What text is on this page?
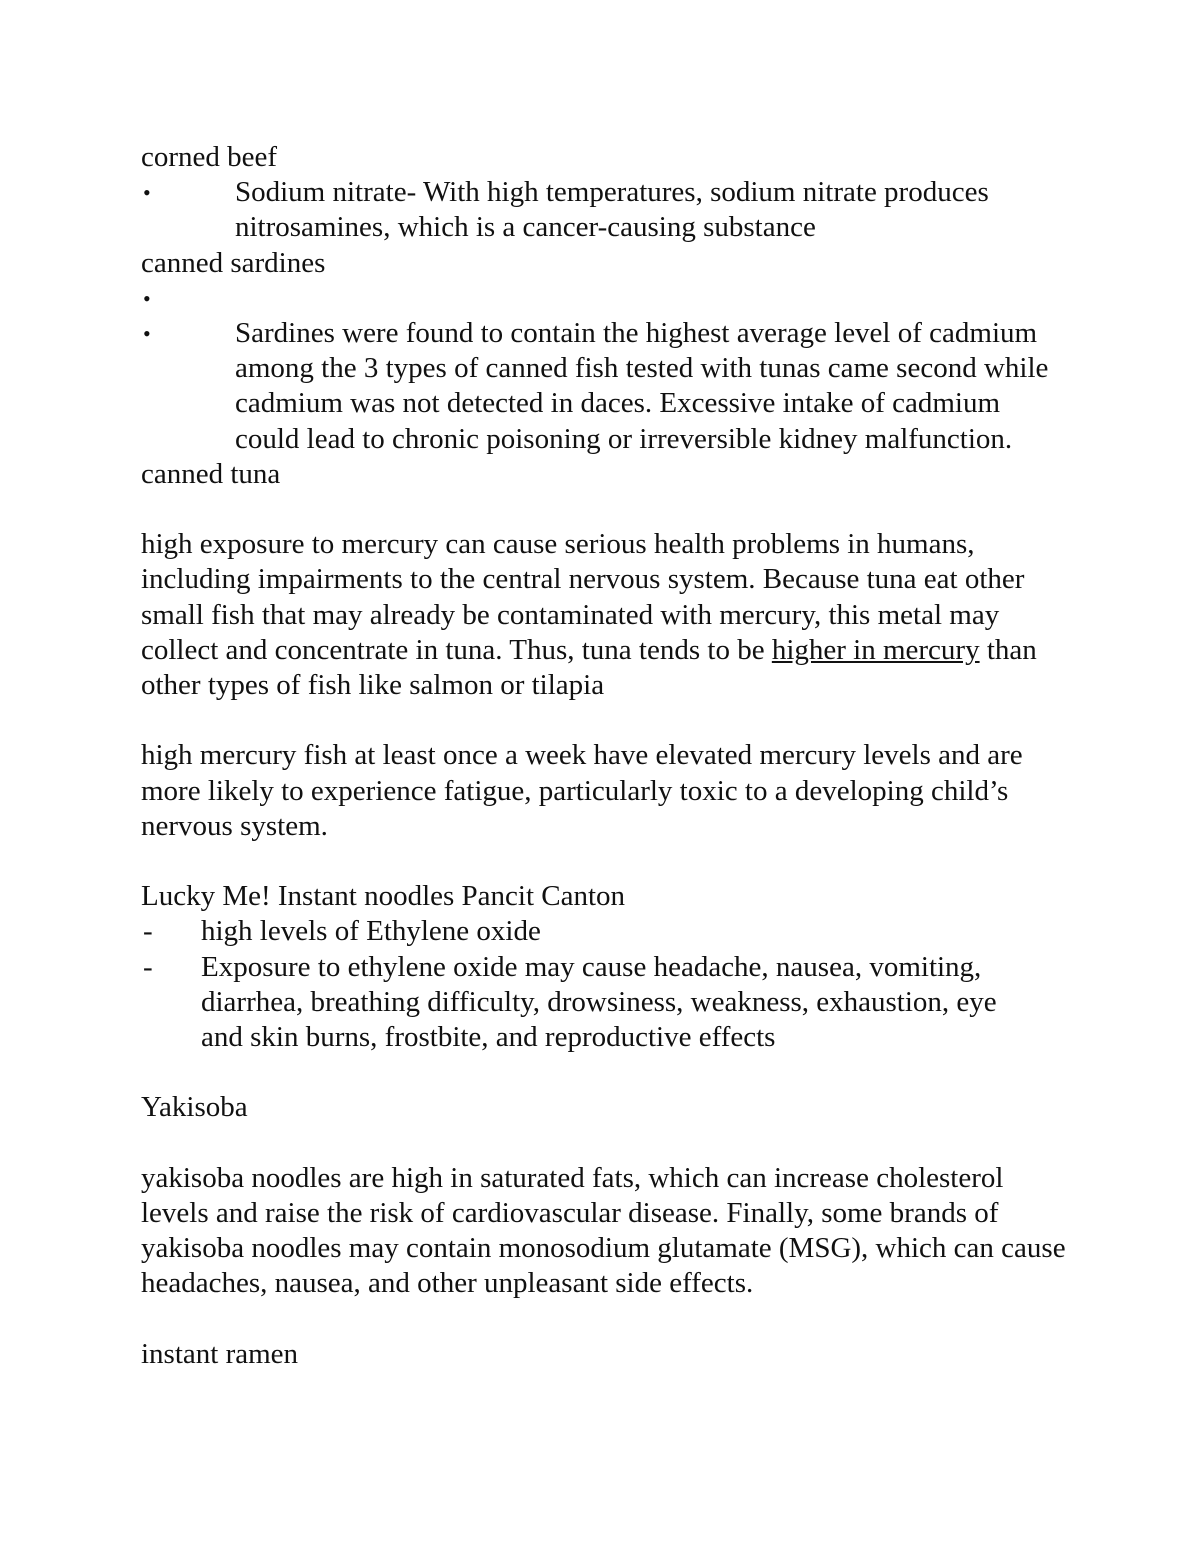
corned beef

•	Sodium nitrate- With high temperatures, sodium nitrate produces nitrosamines, which is a cancer-causing substance

canned sardines

•
•	Sardines were found to contain the highest average level of cadmium among the 3 types of canned fish tested with tunas came second while cadmium was not detected in daces. Excessive intake of cadmium could lead to chronic poisoning or irreversible kidney malfunction.

canned tuna

high exposure to mercury can cause serious health problems in humans, including impairments to the central nervous system. Because tuna eat other small fish that may already be contaminated with mercury, this metal may collect and concentrate in tuna. Thus, tuna tends to be higher in mercury than other types of fish like salmon or tilapia

high mercury fish at least once a week have elevated mercury levels and are more likely to experience fatigue, particularly toxic to a developing child’s nervous system.

Lucky Me! Instant noodles Pancit Canton

-	high levels of Ethylene oxide
-	Exposure to ethylene oxide may cause headache, nausea, vomiting, diarrhea, breathing difficulty, drowsiness, weakness, exhaustion, eye and skin burns, frostbite, and reproductive effects

Yakisoba

yakisoba noodles are high in saturated fats, which can increase cholesterol levels and raise the risk of cardiovascular disease. Finally, some brands of yakisoba noodles may contain monosodium glutamate (MSG), which can cause headaches, nausea, and other unpleasant side effects.

instant ramen
